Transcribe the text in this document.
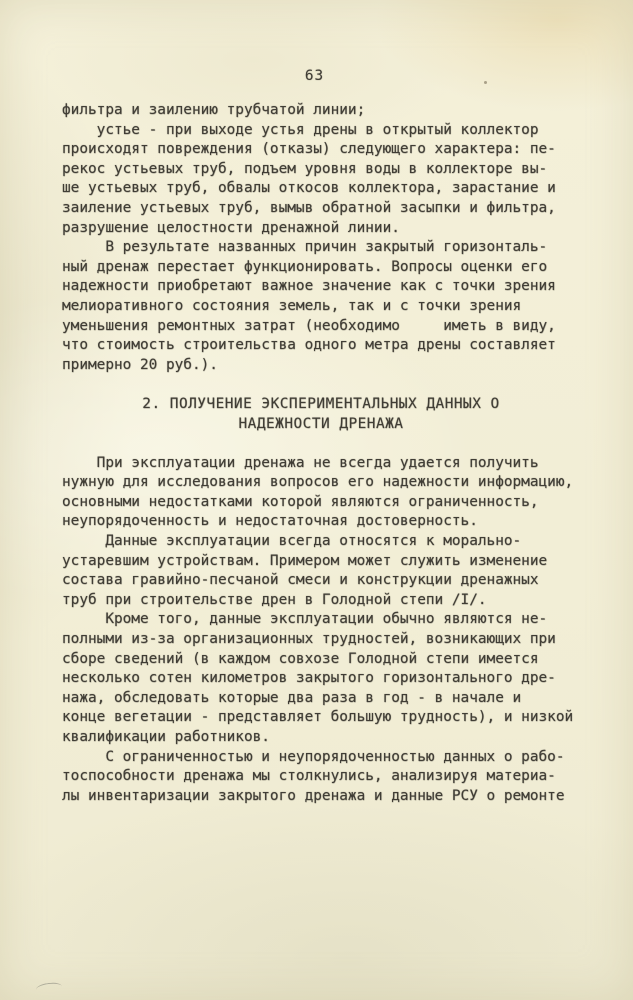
63
фильтра и заилению трубчатой линии;
устье - при выходе устья дрены в открытый коллектор
происходят повреждения (отказы) следующего характера: пе-
рекос устьевых труб, подъем уровня воды в коллекторе вы-
ше устьевых труб, обвалы откосов коллектора, зарастание и
заиление устьевых труб, вымыв обратной засыпки и фильтра,
разрушение целостности дренажной линии.
В результате названных причин закрытый горизонталь-
ный дренаж перестает функционировать. Вопросы оценки его
надежности приобретают важное значение как с точки зрения
мелиоративного состояния земель, так и с точки зрения
уменьшения ремонтных затрат (необходимо     иметь в виду,
что стоимость строительства одного метра дрены составляет
примерно 20 руб.).

2. ПОЛУЧЕНИЕ ЭКСПЕРИМЕНТАЛЬНЫХ ДАННЫХ О
НАДЕЖНОСТИ ДРЕНАЖА

При эксплуатации дренажа не всегда удается получить
нужную для исследования вопросов его надежности информацию,
основными недостатками которой являются ограниченность,
неупорядоченность и недостаточная достоверность.
Данные эксплуатации всегда относятся к морально-
устаревшим устройствам. Примером может служить изменение
состава гравийно-песчаной смеси и конструкции дренажных
труб при строительстве дрен в Голодной степи /I/.
Кроме того, данные эксплуатации обычно являются не-
полными из-за организационных трудностей, возникающих при
сборе сведений (в каждом совхозе Голодной степи имеется
несколько сотен километров закрытого горизонтального дре-
нажа, обследовать которые два раза в год - в начале и
конце вегетации - представляет большую трудность), и низкой
квалификации работников.
С ограниченностью и неупорядоченностью данных о рабо-
тоспособности дренажа мы столкнулись, анализируя материа-
лы инвентаризации закрытого дренажа и данные РСУ о ремонте
